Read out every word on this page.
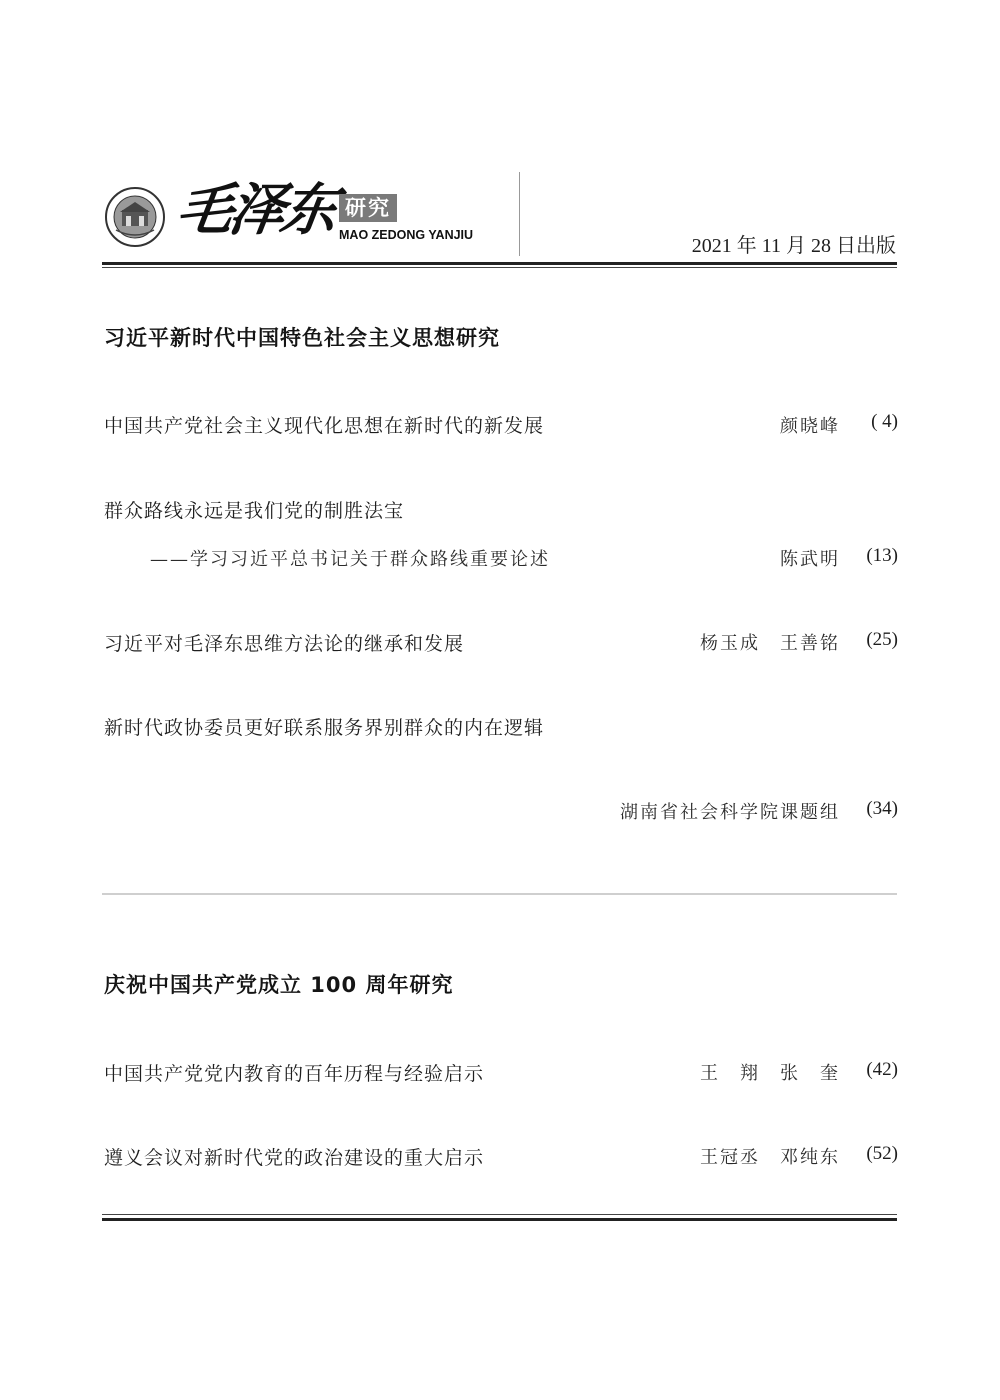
毛泽东 研究
MAO ZEDONG YANJIU	2021 年 11 月 28 日出版
习近平新时代中国特色社会主义思想研究
中国共产党社会主义现代化思想在新时代的新发展	颜晓峰 ( 4)
群众路线永远是我们党的制胜法宝
——学习习近平总书记关于群众路线重要论述	陈武明 (13)
习近平对毛泽东思维方法论的继承和发展	杨玉成　王善铭 (25)
新时代政协委员更好联系服务界别群众的内在逻辑
湖南省社会科学院课题组 (34)
庆祝中国共产党成立 100 周年研究
中国共产党党内教育的百年历程与经验启示	王　翔　张　奎 (42)
遵义会议对新时代党的政治建设的重大启示	王冠丞　邓纯东 (52)
